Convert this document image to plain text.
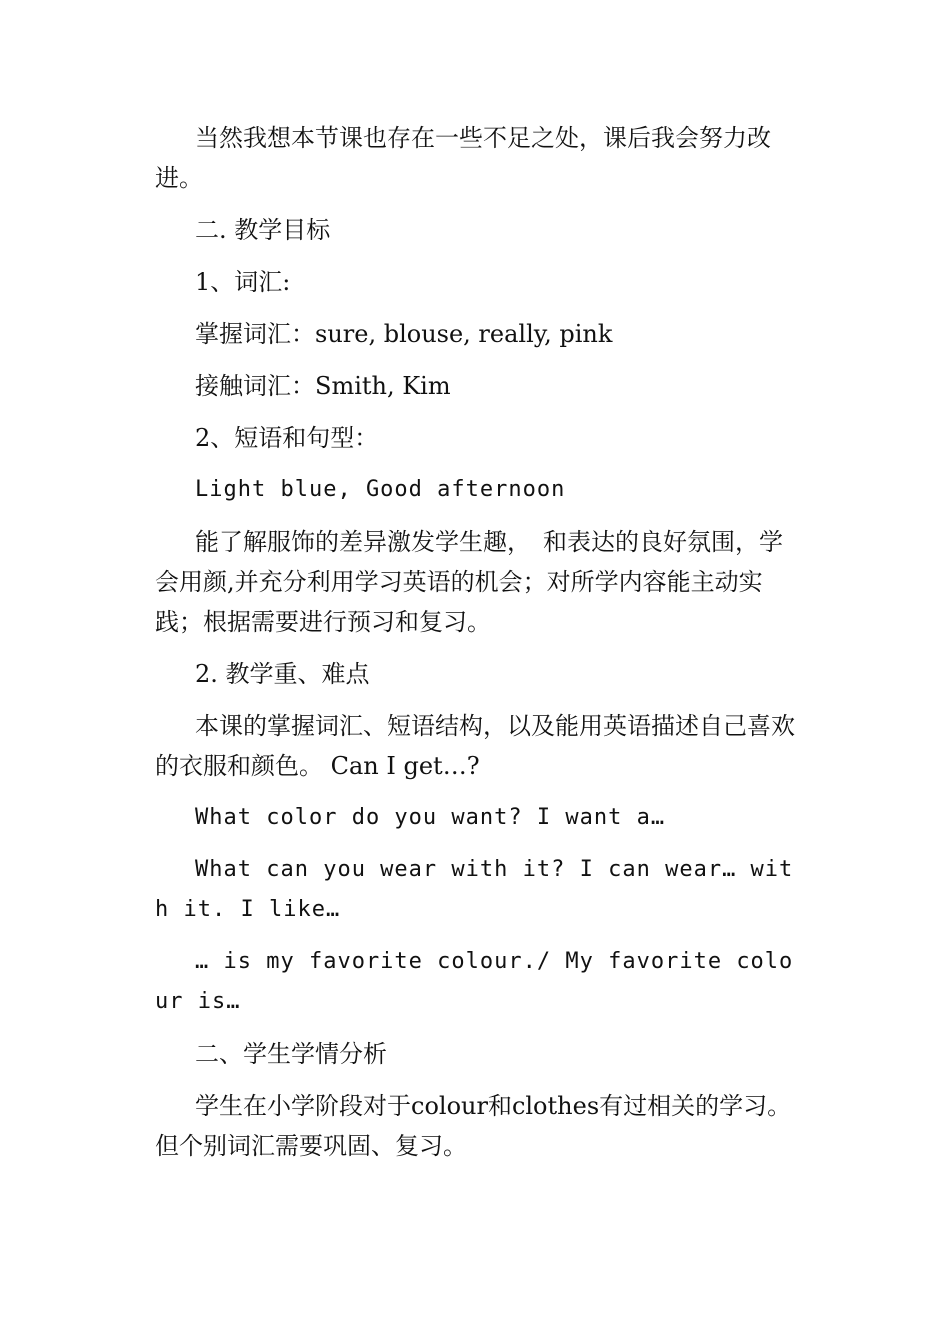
当然我想本节课也存在一些不足之处，课后我会努力改进。

二. 教学目标

1、词汇:

掌握词汇：sure, blouse, really, pink

接触词汇：Smith, Kim

2、短语和句型：

Light blue, Good afternoon

能了解服饰的差异激发学生趣，　和表达的良好氛围，学会用颜,并充分利用学习英语的机会；对所学内容能主动实践；根据需要进行预习和复习。

2. 教学重、难点

本课的掌握词汇、短语结构，以及能用英语描述自己喜欢的衣服和颜色。 Can I get…?

What color do you want? I want a…

What can you wear with it? I can wear… with it. I like…

… is my favorite colour./ My favorite colour is…

二、学生学情分析

学生在小学阶段对于colour和clothes有过相关的学习。但个别词汇需要巩固、复习。
